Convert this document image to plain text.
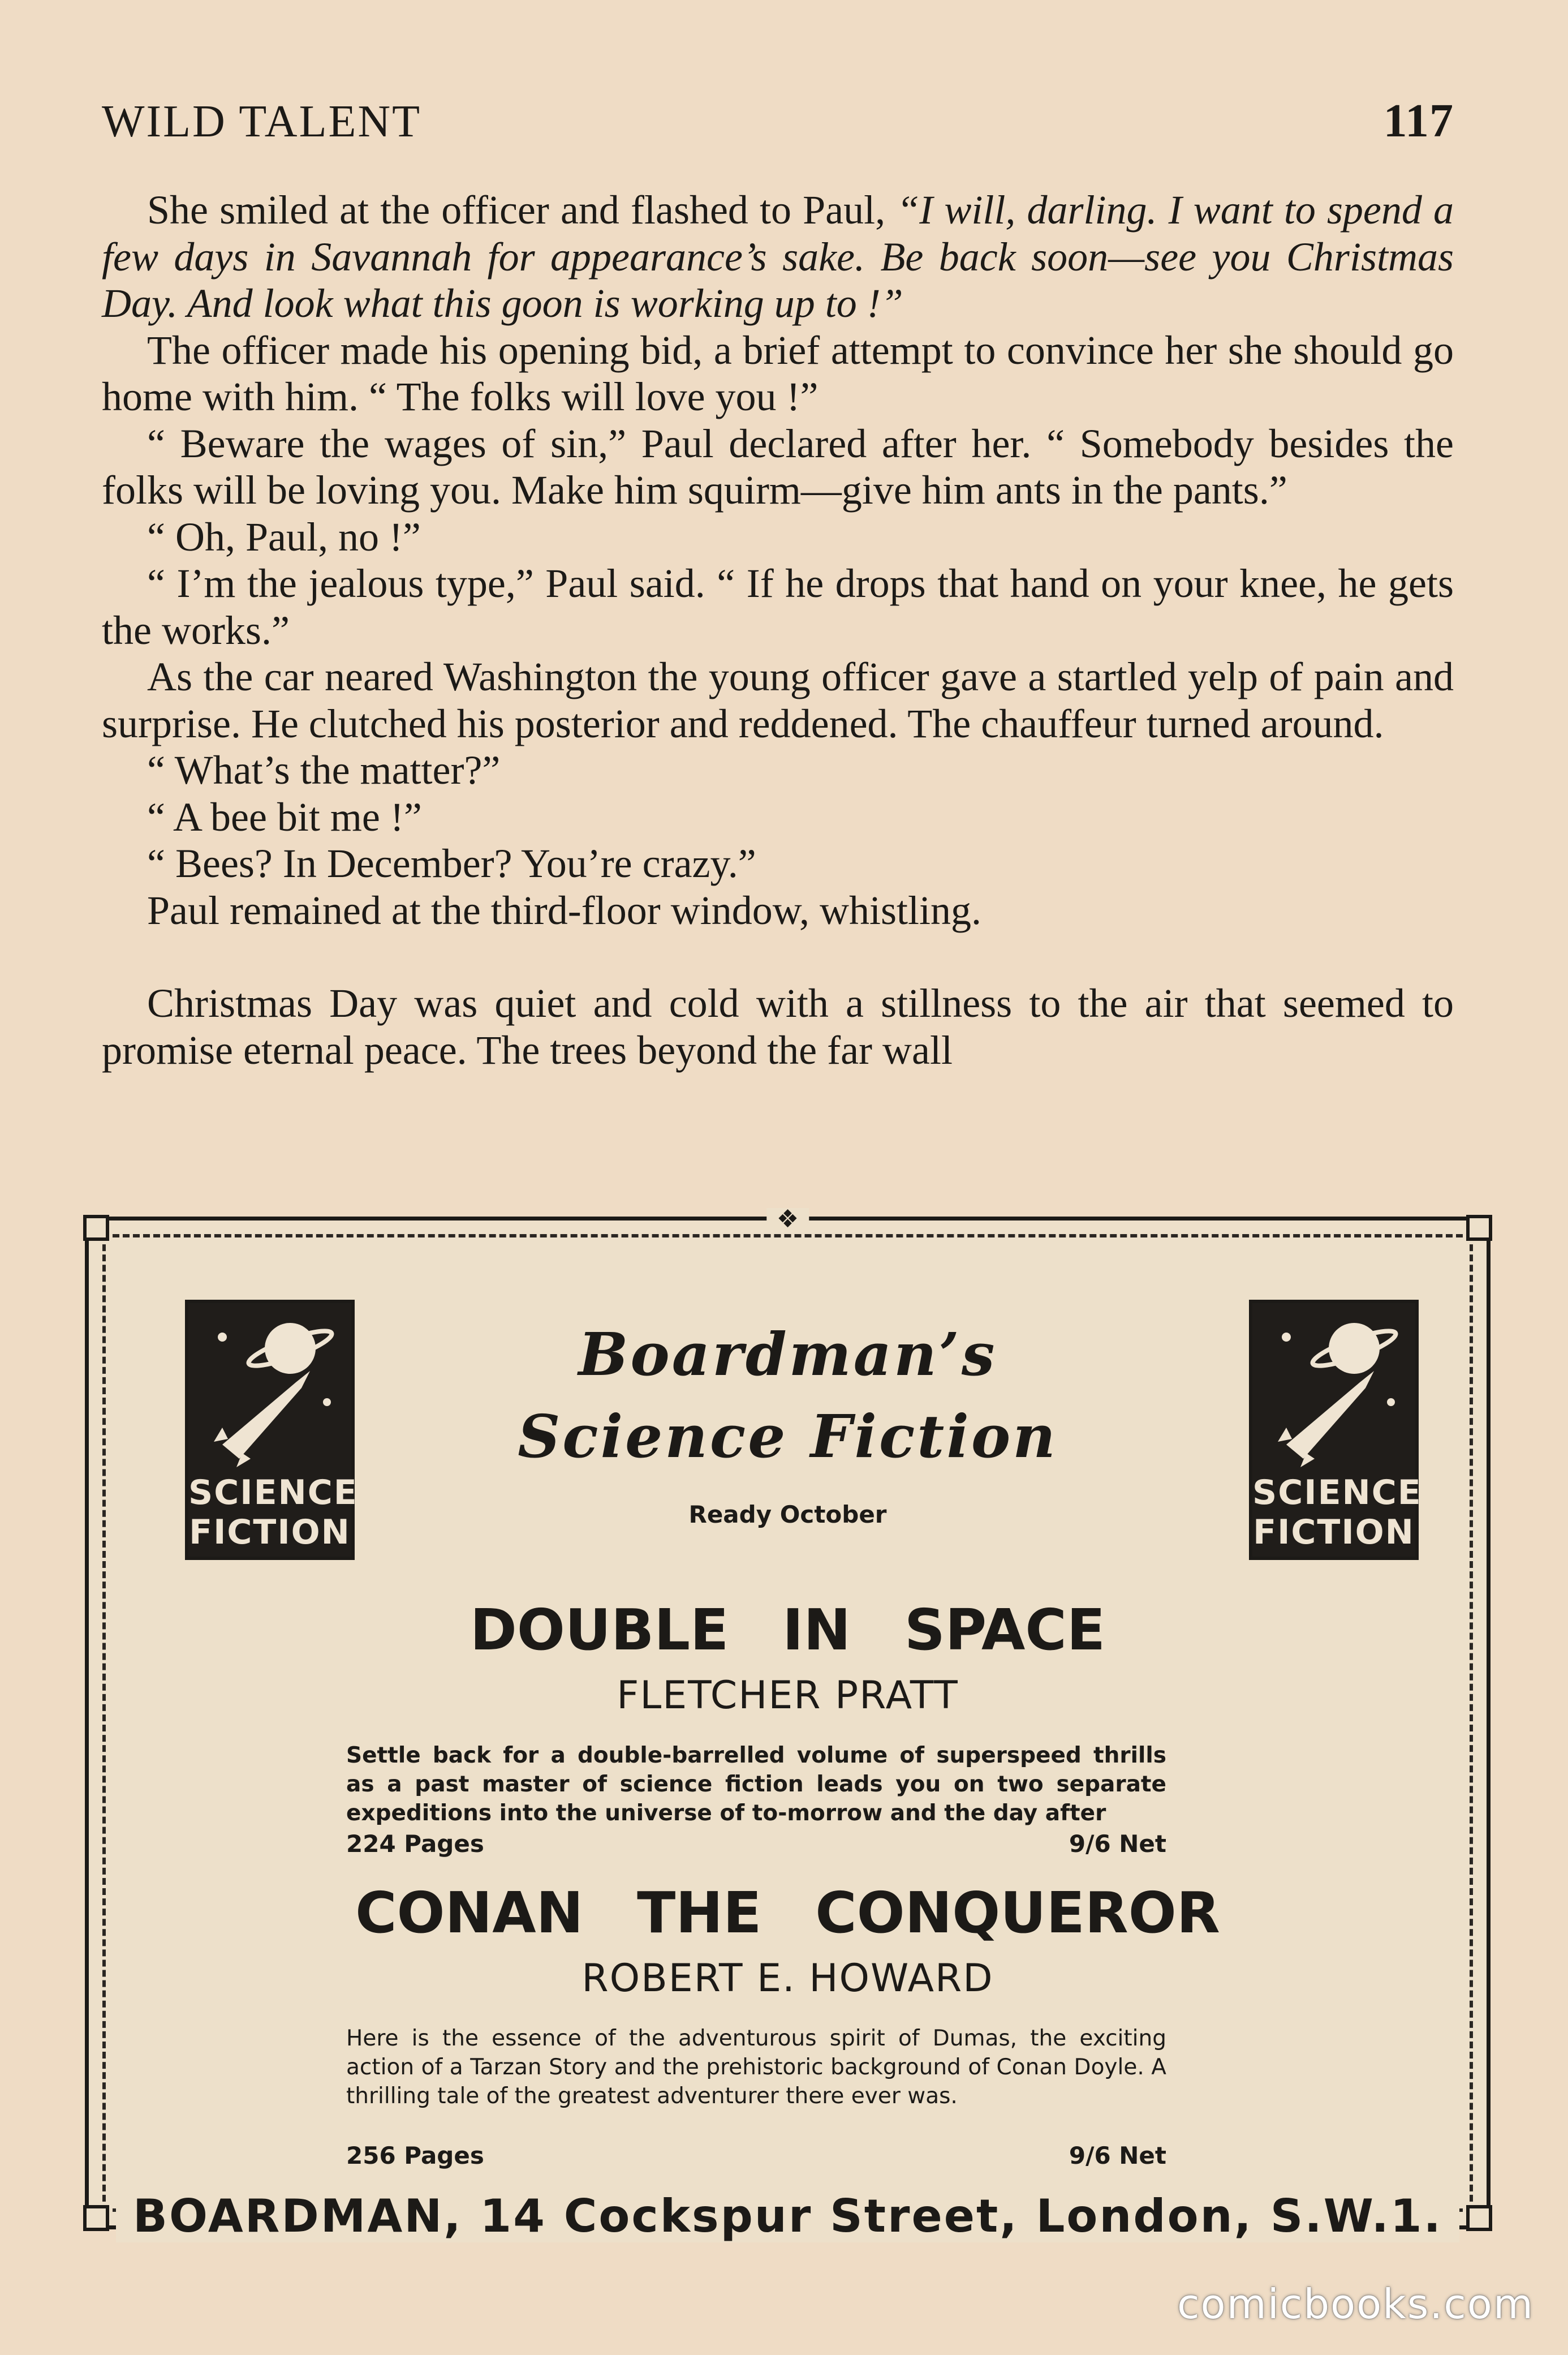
WILD TALENT	117

She smiled at the officer and flashed to Paul, “I will, darling. I want to spend a few days in Savannah for appearance’s sake. Be back soon—see you Christmas Day. And look what this goon is working up to !”

The officer made his opening bid, a brief attempt to convince her she should go home with him. “ The folks will love you !”

“ Beware the wages of sin,” Paul declared after her. “ Somebody besides the folks will be loving you. Make him squirm—give him ants in the pants.”

“ Oh, Paul, no !”

“ I’m the jealous type,” Paul said. “ If he drops that hand on your knee, he gets the works.”

As the car neared Washington the young officer gave a startled yelp of pain and surprise. He clutched his posterior and reddened. The chauffeur turned around.

“ What’s the matter?”

“ A bee bit me !”

“ Bees? In December? You’re crazy.”

Paul remained at the third-floor window, whistling.

Christmas Day was quiet and cold with a stillness to the air that seemed to promise eternal peace. The trees beyond the far wall

❖
SCIENCE
FICTION
SCIENCE
FICTION
Boardman’s
Science Fiction
Ready October
DOUBLE IN SPACE
FLETCHER PRATT
Settle back for a double-barrelled volume of superspeed thrills as a past master of science fiction leads you on two separate expeditions into the universe of to-morrow and the day after
224 Pages	9/6 Net
CONAN THE CONQUEROR
ROBERT E. HOWARD
Here is the essence of the adventurous spirit of Dumas, the exciting action of a Tarzan Story and the prehistoric background of Conan Doyle. A thrilling tale of the greatest adventurer there ever was.
256 Pages	9/6 Net
BOARDMAN, 14 Cockspur Street, London, S.W.1.
comicbooks.com
